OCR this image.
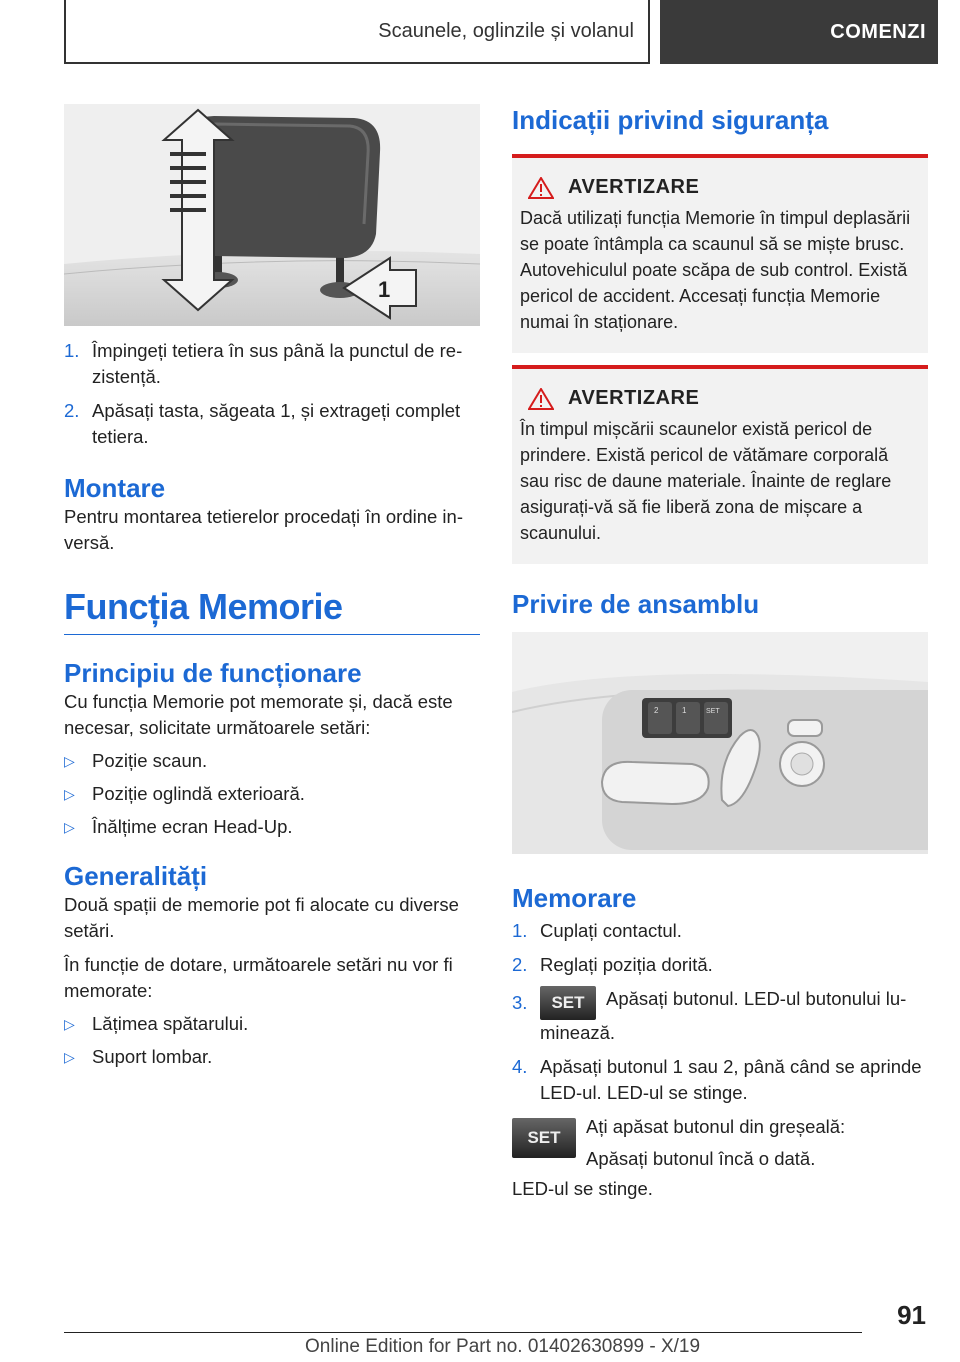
Scaunele, oglinzile și volanul	COMENZI
1
1. Împingeți tetiera în sus până la punctul de rezistență.
2. Apăsați tasta, săgeata 1, și extrageți complet tetiera.
Montare

Pentru montarea tetierelor procedați în ordine inversă.

Funcția Memorie
Principiu de funcționare

Cu funcția Memorie pot memorate și, dacă este necesar, solicitate următoarele setări:

▷ Poziție scaun.
▷ Poziție oglindă exterioară.
▷ Înălțime ecran Head-Up.
Generalități

Două spații de memorie pot fi alocate cu diverse setări.

În funcție de dotare, următoarele setări nu vor fi memorate:

▷ Lățimea spătarului.
▷ Suport lombar.
Indicații privind siguranța
AVERTIZARE

Dacă utilizați funcția Memorie în timpul deplasării se poate întâmpla ca scaunul să se miște brusc. Autovehiculul poate scăpa de sub control. Există pericol de accident. Accesați funcția Memorie numai în staționare.

AVERTIZARE

În timpul mișcării scaunelor există pericol de prindere. Există pericol de vătămare corporală sau risc de daune materiale. Înainte de reglare asigurați-vă să fie liberă zona de mișcare a scaunului.

Privire de ansamblu
2	1	SET
Memorare
1. Cuplați contactul.
2. Reglați poziția dorită.
3.	SET Apăsați butonul. LED-ul butonului luminează.
4. Apăsați butonul 1 sau 2, până când se aprinde LED-ul. LED-ul se stinge.
SET

Ați apăsat butonul din greșeală:

Apăsați butonul încă o dată.

LED-ul se stinge.

91
Online Edition for Part no. 01402630899 - X/19
